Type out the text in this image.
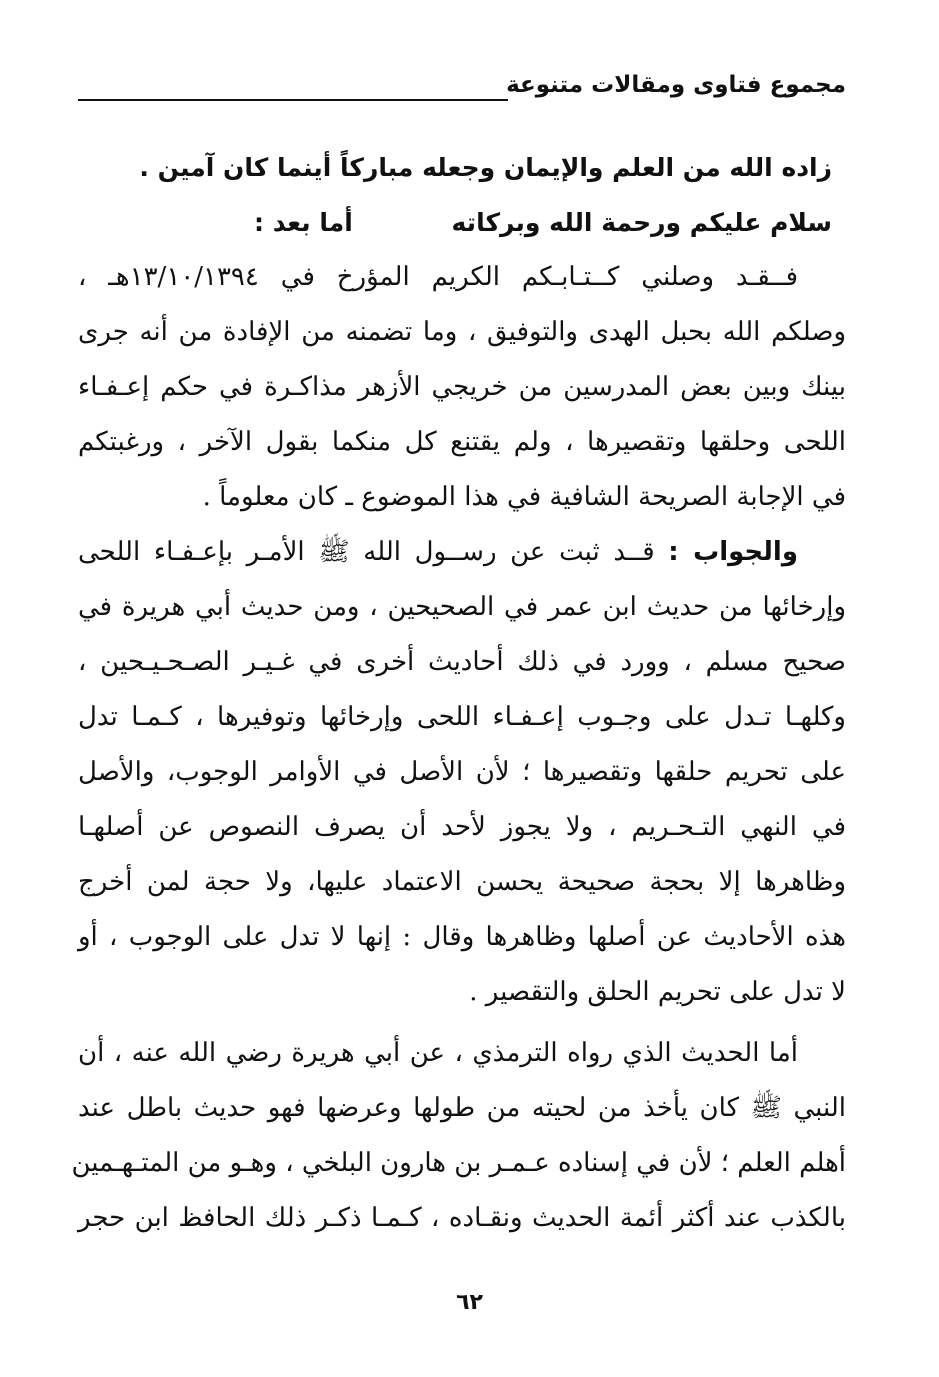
مجموع فتاوى ومقالات متنوعة
زاده الله من العلم والإيمان وجعله مباركاً أينما كان آمين .
سلام عليكم ورحمة الله وبركاته أما بعد :
فــقـد وصلني كــتـابـكم الكريم المؤرخ في ١٣/١٠/١٣٩٤هـ ،
وصلكم الله بحبل الهدى والتوفيق ، وما تضمنه من الإفادة من أنه جرى
بينك وبين بعض المدرسين من خريجي الأزهر مذاكـرة في حكم إعـفـاء
اللحى وحلقها وتقصيرها ، ولم يقتنع كل منكما بقول الآخر ، ورغبتكم
في الإجابة الصريحة الشافية في هذا الموضوع ـ كان معلوماً .
والجواب : قــد ثبت عن رســول الله ﷺ الأمـر بإعـفـاء اللحى
وإرخائها من حديث ابن عمر في الصحيحين ، ومن حديث أبي هريرة في
صحيح مسلم ، وورد في ذلك أحاديث أخرى في غـيـر الصـحـيـحين ،
وكلهـا تـدل على وجـوب إعـفـاء اللحى وإرخائها وتوفيرها ، كـمـا تدل
على تحريم حلقها وتقصيرها ؛ لأن الأصل في الأوامر الوجوب، والأصل
في النهي التـحـريم ، ولا يجوز لأحد أن يصرف النصوص عن أصلهـا
وظاهرها إلا بحجة صحيحة يحسن الاعتماد عليها، ولا حجة لمن أخرج
هذه الأحاديث عن أصلها وظاهرها وقال : إنها لا تدل على الوجوب ، أو
لا تدل على تحريم الحلق والتقصير .
أما الحديث الذي رواه الترمذي ، عن أبي هريرة رضي الله عنه ، أن
النبي ﷺ كان يأخذ من لحيته من طولها وعرضها فهو حديث باطل عند
أهلم العلم ؛ لأن في إسناده عـمـر بن هارون البلخي ، وهـو من المتـهـمين
بالكذب عند أكثر أئمة الحديث ونقـاده ، كـمـا ذكـر ذلك الحافظ ابن حجر
٦٢
